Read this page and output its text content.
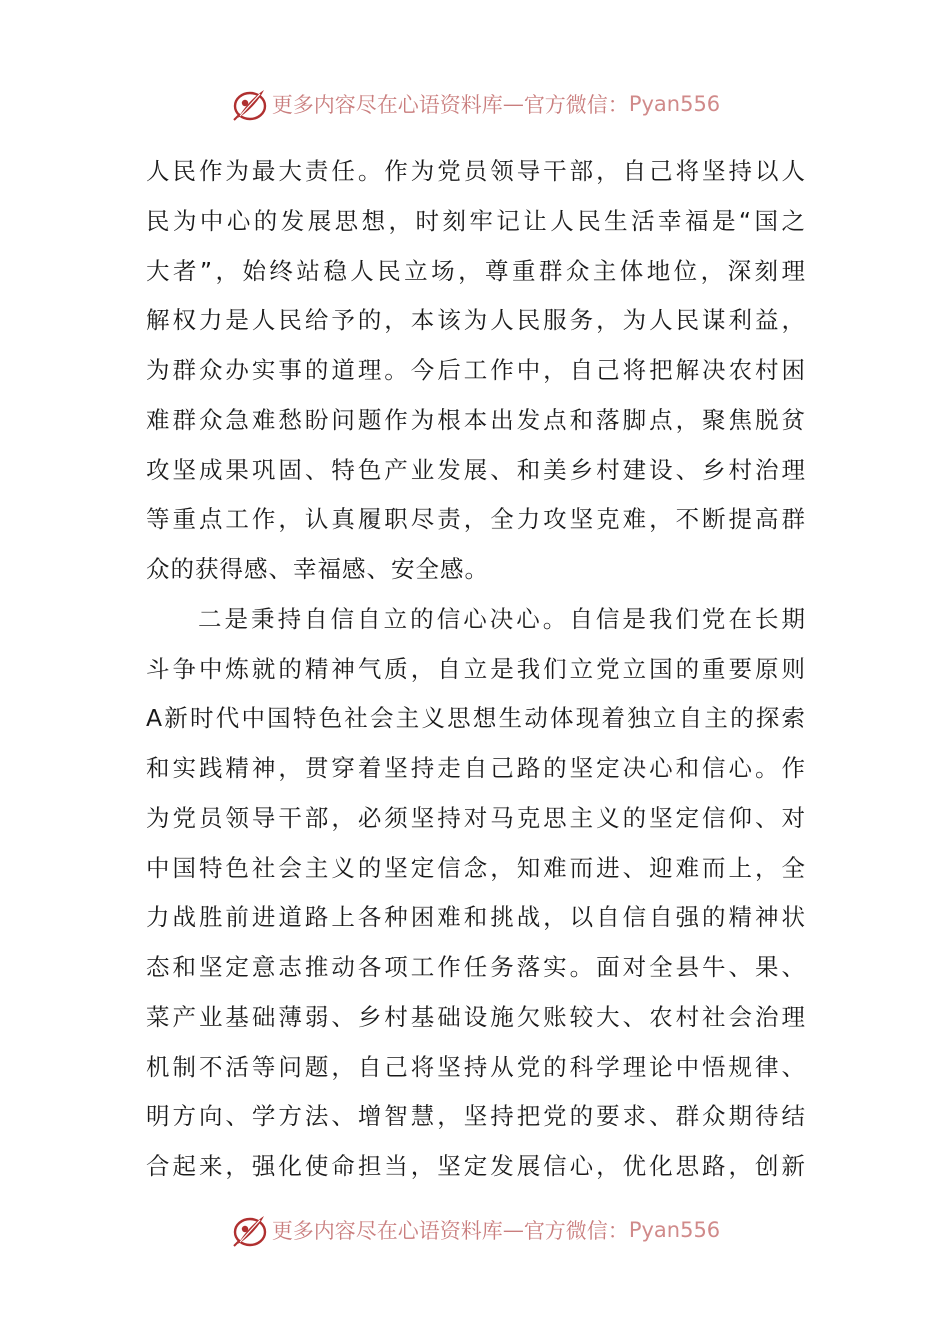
更多内容尽在心语资料库 — 官方微信： Pyan556
人民作为最大责任。作为党员领导干部，自己将坚持以人
民为中心的发展思想，时刻牢记让人民生活幸福是“国之
大者”，始终站稳人民立场，尊重群众主体地位，深刻理
解权力是人民给予的，本该为人民服务，为人民谋利益，
为群众办实事的道理。今后工作中，自己将把解决农村困
难群众急难愁盼问题作为根本出发点和落脚点，聚焦脱贫
攻坚成果巩固、特色产业发展、和美乡村建设、乡村治理
等重点工作，认真履职尽责，全力攻坚克难，不断提高群
众的获得感、幸福感、安全感。
二是秉持自信自立的信心决心。自信是我们党在长期
斗争中炼就的精神气质，自立是我们立党立国的重要原则
A新时代中国特色社会主义思想生动体现着独立自主的探索
和实践精神，贯穿着坚持走自己路的坚定决心和信心。作
为党员领导干部，必须坚持对马克思主义的坚定信仰、对
中国特色社会主义的坚定信念，知难而进、迎难而上，全
力战胜前进道路上各种困难和挑战，以自信自强的精神状
态和坚定意志推动各项工作任务落实。面对全县牛、果、
菜产业基础薄弱、乡村基础设施欠账较大、农村社会治理
机制不活等问题，自己将坚持从党的科学理论中悟规律、
明方向、学方法、增智慧，坚持把党的要求、群众期待结
合起来，强化使命担当，坚定发展信心，优化思路，创新
更多内容尽在心语资料库 — 官方微信： Pyan556
